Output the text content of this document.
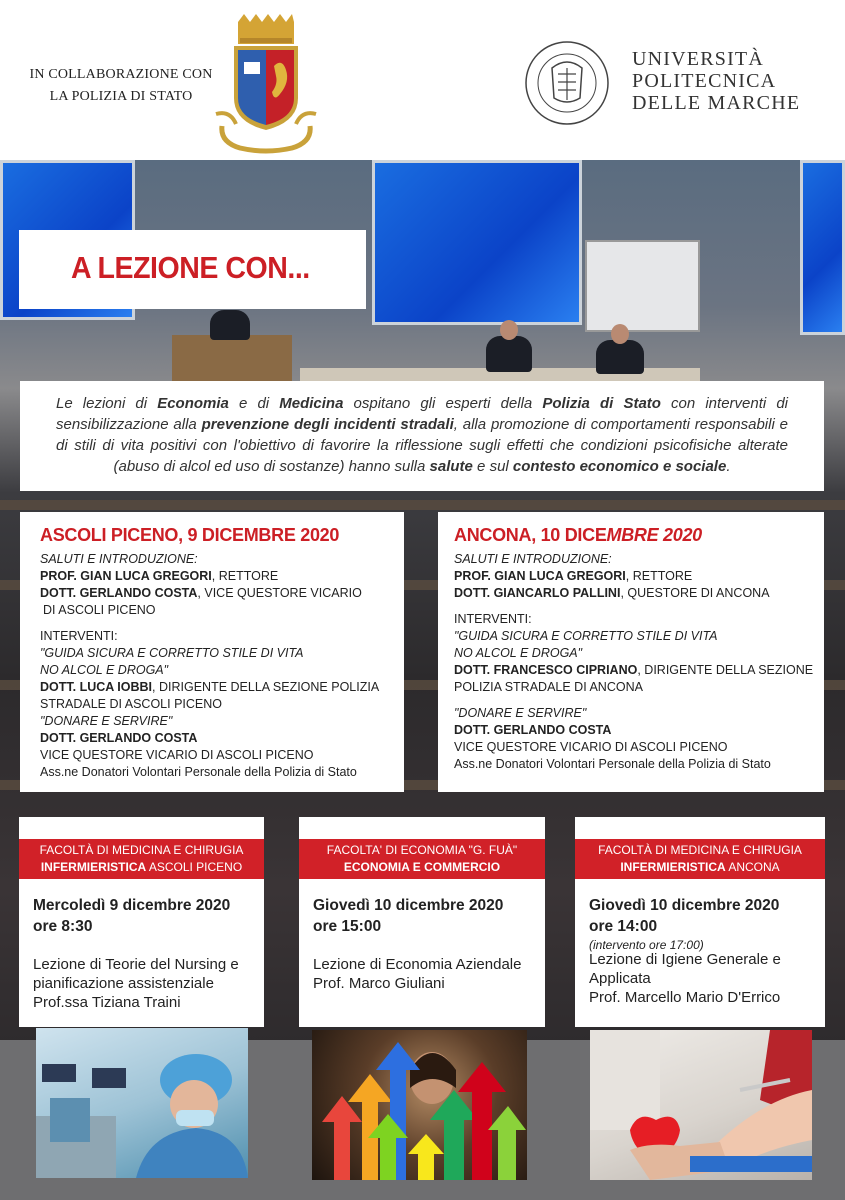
IN COLLABORAZIONE CON
LA POLIZIA DI STATO
UNIVERSITÀ
POLITECNICA
DELLE MARCHE
A LEZIONE CON...
Le lezioni di Economia e di Medicina ospitano gli esperti della Polizia di Stato con interventi di sensibilizzazione alla prevenzione degli incidenti stradali, alla promozione di comportamenti responsabili e di stili di vita positivi con l'obiettivo di favorire la riflessione sugli effetti che condizioni psicofisiche alterate (abuso di alcol ed uso di sostanze) hanno sulla salute e sul contesto economico e sociale.
ASCOLI PICENO, 9 DICEMBRE 2020
SALUTI E INTRODUZIONE:
PROF. GIAN LUCA GREGORI, RETTORE
DOTT. GERLANDO COSTA, VICE QUESTORE VICARIO
DI ASCOLI PICENO
INTERVENTI:
"GUIDA SICURA E CORRETTO STILE DI VITA
NO ALCOL E DROGA"
DOTT. LUCA IOBBI, DIRIGENTE DELLA SEZIONE POLIZIA
STRADALE DI ASCOLI PICENO
"DONARE E SERVIRE"
DOTT. GERLANDO COSTA
VICE QUESTORE VICARIO DI ASCOLI PICENO
Ass.ne Donatori Volontari Personale della Polizia di Stato
ANCONA, 10 DICEMBRE 2020
SALUTI E INTRODUZIONE:
PROF. GIAN LUCA GREGORI, RETTORE
DOTT. GIANCARLO PALLINI, QUESTORE DI ANCONA
INTERVENTI:
"GUIDA SICURA E CORRETTO STILE DI VITA
NO ALCOL E DROGA"
DOTT. FRANCESCO CIPRIANO, DIRIGENTE DELLA SEZIONE
POLIZIA STRADALE DI ANCONA
"DONARE E SERVIRE"
DOTT. GERLANDO COSTA
VICE QUESTORE VICARIO DI ASCOLI PICENO
Ass.ne Donatori Volontari Personale della Polizia di Stato
FACOLTÀ DI MEDICINA E CHIRUGIA
INFERMIERISTICA ASCOLI PICENO
Mercoledì 9 dicembre 2020
ore 8:30
Lezione di Teorie del Nursing e
pianificazione assistenziale
Prof.ssa Tiziana Traini
FACOLTA' DI ECONOMIA "G. FUÀ"
ECONOMIA E COMMERCIO
Giovedì 10 dicembre 2020
ore 15:00
Lezione di Economia Aziendale
Prof. Marco Giuliani
FACOLTÀ DI MEDICINA E CHIRUGIA
INFERMIERISTICA ANCONA
Giovedì 10 dicembre 2020
ore 14:00
(intervento ore 17:00)
Lezione di Igiene Generale e
Applicata
Prof. Marcello Mario D'Errico
